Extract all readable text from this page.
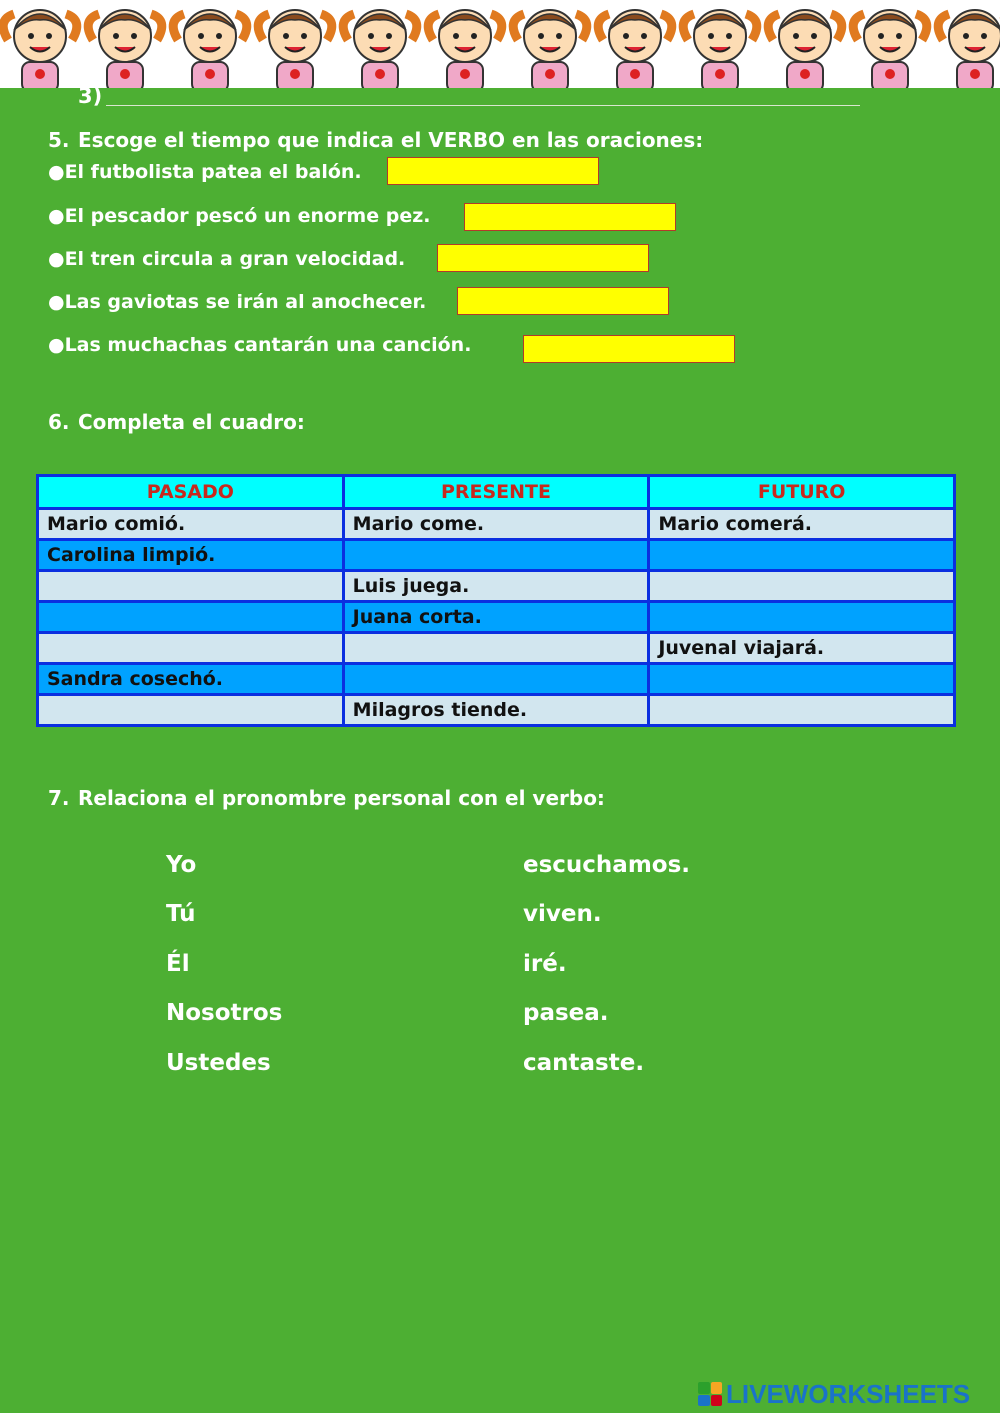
3)
5. Escoge el tiempo que indica el VERBO en las oraciones:
●El futbolista patea el balón.
●El pescador pescó un enorme pez.
●El tren circula a gran velocidad.
●Las gaviotas se irán al anochecer.
●Las muchachas cantarán una canción.
6. Completa el cuadro:
PASADO	PRESENTE	FUTURO
Mario comió.	Mario come.	Mario comerá.
Carolina limpió.		
	Luis juega.	
	Juana corta.	
		Juvenal viajará.
Sandra cosechó.		
	Milagros tiende.	
7. Relaciona el pronombre personal con el verbo:
Yo
Tú
Él
Nosotros
Ustedes
escuchamos.
viven.
iré.
pasea.
cantaste.
LIVEWORKSHEETS
